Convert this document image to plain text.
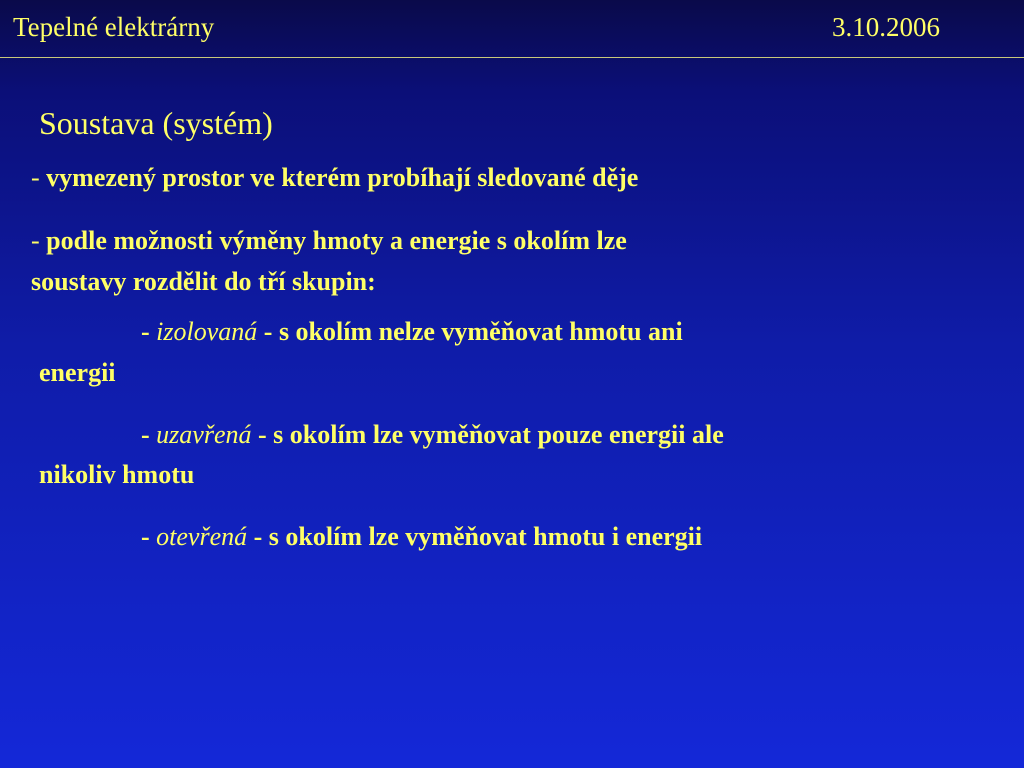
Tepelné elektrárny	3.10.2006
Soustava (systém)
- vymezený prostor ve kterém probíhají sledované děje
- podle možnosti výměny hmoty a energie s okolím lze
soustavy rozdělit do tří skupin:
- izolovaná - s okolím nelze vyměňovat hmotu ani
energii
- uzavřená - s okolím lze vyměňovat pouze energii ale
nikoliv hmotu
- otevřená - s okolím lze vyměňovat hmotu i energii
